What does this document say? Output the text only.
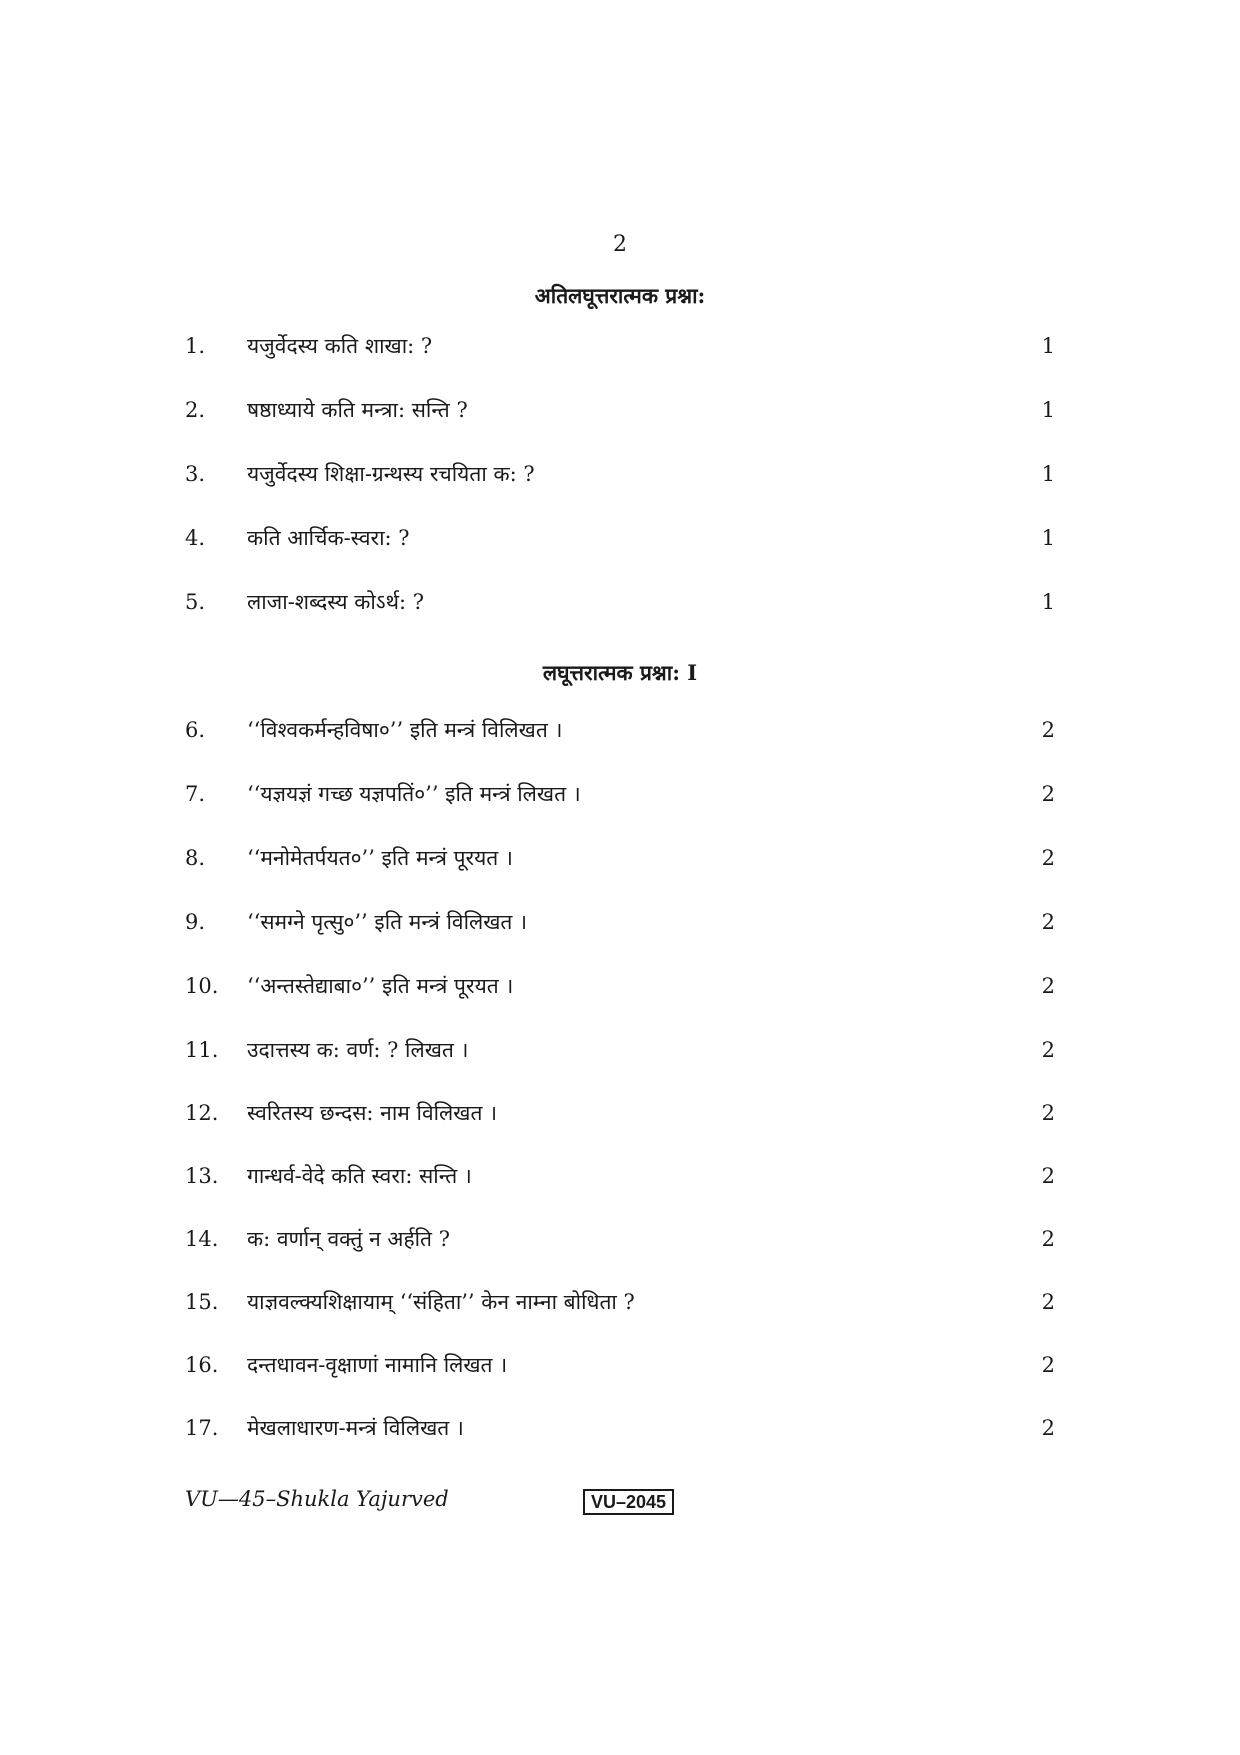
2
अतिलघूत्तरात्मक प्रश्ना:
1. यजुर्वेदस्य कति शाखा: ?	1
2. षष्ठाध्याये कति मन्त्रा: सन्ति ?	1
3. यजुर्वेदस्य शिक्षा-ग्रन्थस्य रचयिता क: ?	1
4. कति आर्चिक-स्वरा: ?	1
5. लाजा-शब्दस्य कोऽर्थ: ?	1
लघूत्तरात्मक प्रश्ना: I
6. ‘‘विश्वकर्मन्हविषा०’’ इति मन्त्रं विलिखत ।	2
7. ‘‘यज्ञयज्ञं गच्छ यज्ञपतिं०’’ इति मन्त्रं लिखत ।	2
8. ‘‘मनोमेतर्पयत०’’ इति मन्त्रं पूरयत ।	2
9. ‘‘समग्ने पृत्सु०’’ इति मन्त्रं विलिखत ।	2
10. ‘‘अन्तस्तेद्याबा०’’ इति मन्त्रं पूरयत ।	2
11. उदात्तस्य क: वर्ण: ? लिखत ।	2
12. स्वरितस्य छन्दस: नाम विलिखत ।	2
13. गान्धर्व-वेदे कति स्वरा: सन्ति ।	2
14. क: वर्णान् वक्तुं न अर्हति ?	2
15. याज्ञवल्क्यशिक्षायाम् ‘‘संहिता’’ केन नाम्ना बोधिता ?	2
16. दन्तधावन-वृक्षाणां नामानि लिखत ।	2
17. मेखलाधारण-मन्त्रं विलिखत ।	2
VU—45–Shukla Yajurved	VU–2045
